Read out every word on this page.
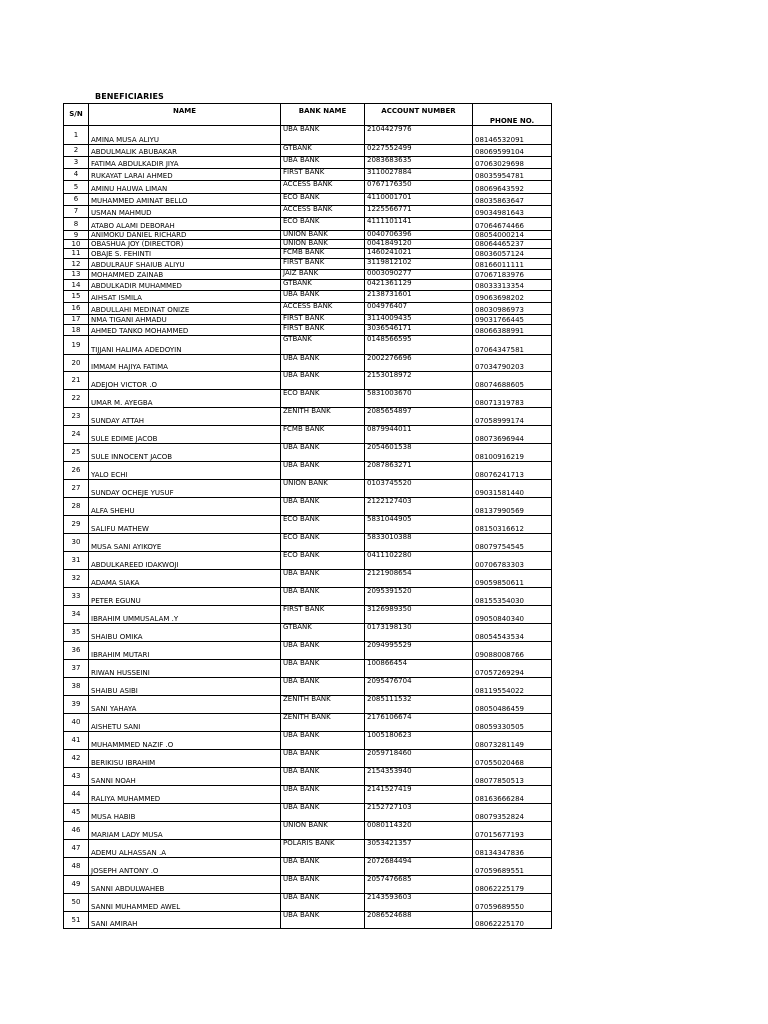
BENEFICIARIES
S/N	NAME	BANK NAME	ACCOUNT NUMBER	PHONE NO.
1	AMINA MUSA ALIYU	UBA BANK	2104427976	08146532091
2	ABDULMALIK ABUBAKAR	GTBANK	0227552499	08069599104
3	FATIMA ABDULKADIR JIYA	UBA BANK	2083683635	07063029698
4	RUKAYAT LARAI AHMED	FIRST BANK	3110027884	08035954781
5	AMINU HAUWA LIMAN	ACCESS BANK	0767176350	08069643592
6	MUHAMMED AMINAT BELLO	ECO BANK	4110001701	08035863647
7	USMAN MAHMUD	ACCESS BANK	1225566771	09034981643
8	ATABO ALAMI DEBORAH	ECO BANK	4111101141	07064674466
9	ANIMOKU DANIEL RICHARD	UNION BANK	0040706396	08054000214
10	OBASHUA JOY (DIRECTOR)	UNION BANK	0041849120	08064465237
11	OBAJE S. FEHINTI	FCMB BANK	1460241021	08036057124
12	ABDULRAUF SHAIUB ALIYU	FIRST BANK	3119812102	08166011111
13	MOHAMMED ZAINAB	JAIZ BANK	0003090277	07067183976
14	ABDULKADIR MUHAMMED	GTBANK	0421361129	08033313354
15	AIHSAT ISMILA	UBA BANK	2138731601	09063698202
16	ABDULLAHI MEDINAT ONIZE	ACCESS BANK	004976407	08030986973
17	NMA TIGANI AHMADU	FIRST BANK	3114009435	09031766445
18	AHMED TANKO MOHAMMED	FIRST BANK	3036546171	08066388991
19	TIJJANI HALIMA ADEDOYIN	GTBANK	0148566595	07064347581
20	IMMAM HAJIYA FATIMA	UBA BANK	2002276696	07034790203
21	ADEJOH VICTOR .O	UBA BANK	2153018972	08074688605
22	UMAR M. AYEGBA	ECO BANK	5831003670	08071319783
23	SUNDAY ATTAH	ZENITH BANK	2085654897	07058999174
24	SULE EDIME JACOB	FCMB BANK	0879944011	08073696944
25	SULE INNOCENT JACOB	UBA BANK	2054601538	08100916219
26	YALO ECHI	UBA BANK	2087863271	08076241713
27	SUNDAY OCHEJE YUSUF	UNION BANK	0103745520	09031581440
28	ALFA SHEHU	UBA BANK	2122127403	08137990569
29	SALIFU MATHEW	ECO BANK	5831044905	08150316612
30	MUSA SANI AYIKOYE	ECO BANK	5833010388	08079754545
31	ABDULKAREED IDAKWOJI	ECO BANK	0411102280	00706783303
32	ADAMA SIAKA	UBA BANK	2121908654	09059850611
33	PETER EGUNU	UBA BANK	2095391520	08155354030
34	IBRAHIM UMMUSALAM .Y	FIRST BANK	3126989350	09050840340
35	SHAIBU OMIKA	GTBANK	0173198130	08054543534
36	IBRAHIM MUTARI	UBA BANK	2094995529	09088008766
37	RIWAN HUSSEINI	UBA BANK	100866454	07057269294
38	SHAIBU ASIBI	UBA BANK	2095476704	08119554022
39	SANI YAHAYA	ZENITH BANK	2085111532	08050486459
40	AISHETU SANI	ZENITH BANK	2176106674	08059330505
41	MUHAMMMED NAZIF .O	UBA BANK	1005180623	08073281149
42	BERIKISU IBRAHIM	UBA BANK	2059718460	07055020468
43	SANNI NOAH	UBA BANK	2154353940	08077850513
44	RALIYA MUHAMMED	UBA BANK	2141527419	08163666284
45	MUSA HABIB	UBA BANK	2152727103	08079352824
46	MARIAM LADY MUSA	UNION BANK	0080114320	07015677193
47	ADEMU ALHASSAN .A	POLARIS BANK	3053421357	08134347836
48	JOSEPH ANTONY .O	UBA BANK	2072684494	07059689551
49	SANNI ABDULWAHEB	UBA BANK	2057476685	08062225179
50	SANNI MUHAMMED AWEL	UBA BANK	2143593603	07059689550
51	SANI AMIRAH	UBA BANK	2086524688	08062225170
